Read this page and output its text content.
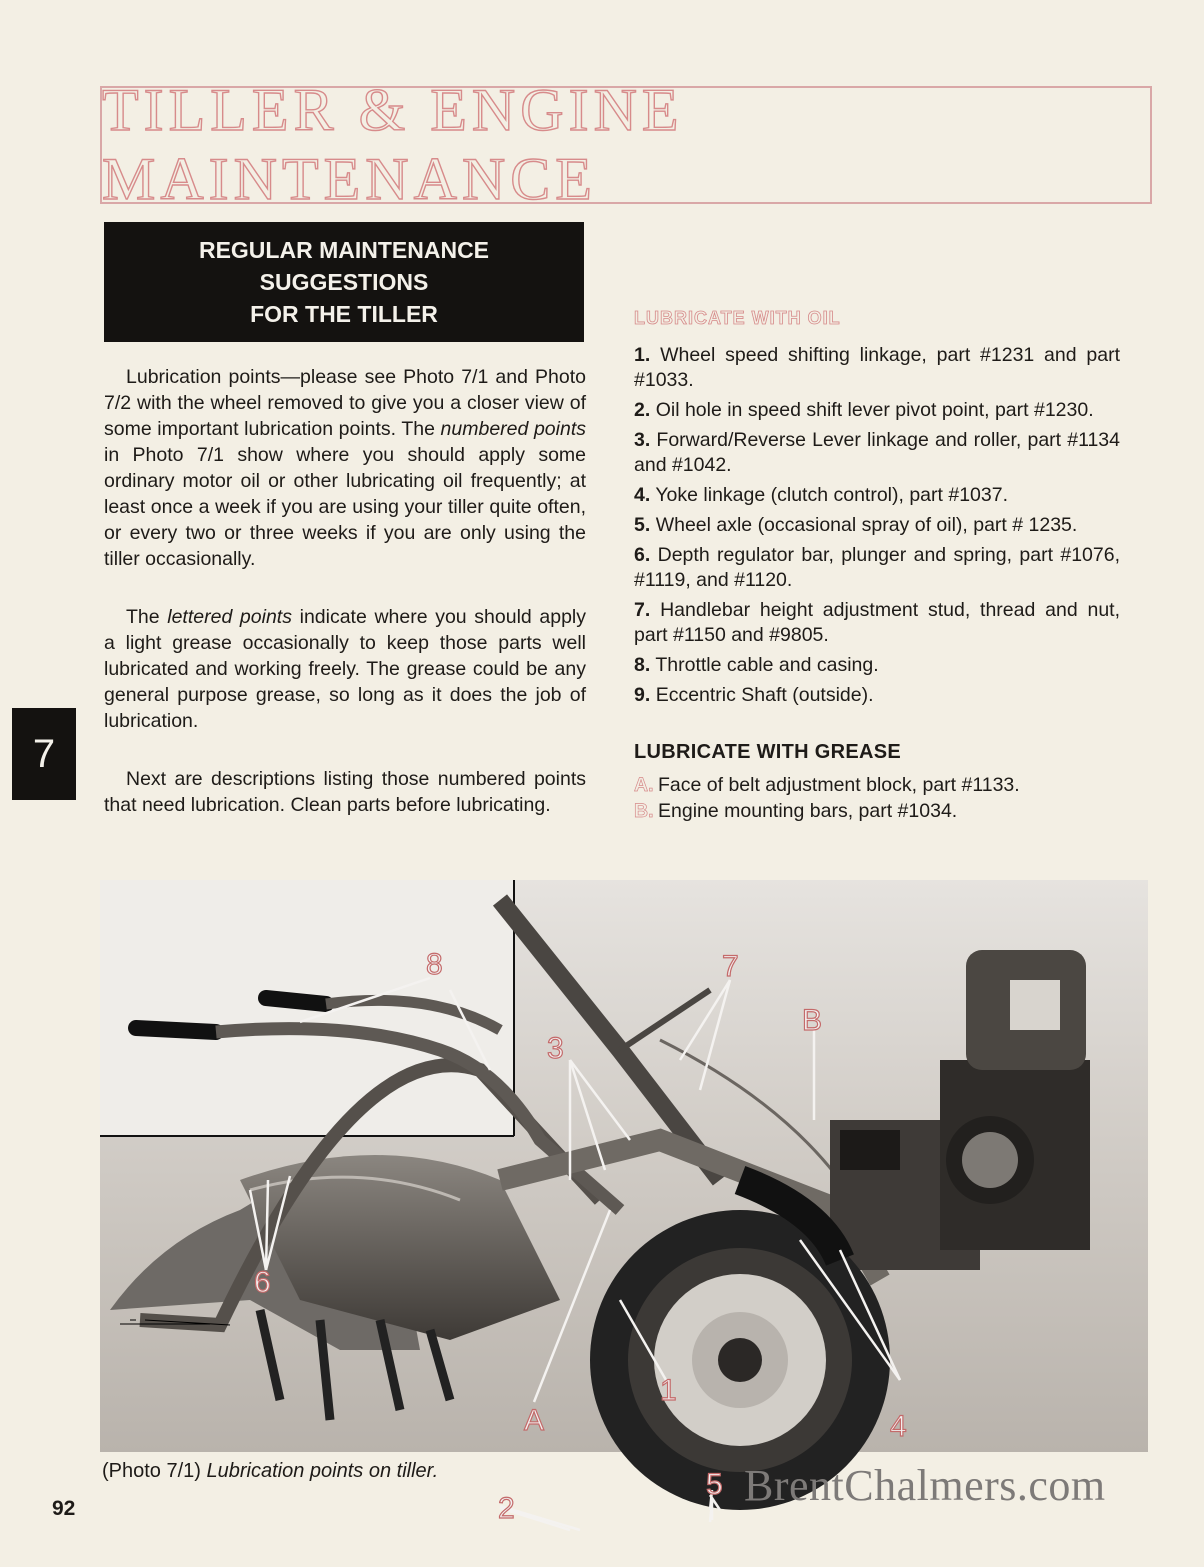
TILLER & ENGINE MAINTENANCE
REGULAR MAINTENANCE
SUGGESTIONS
FOR THE TILLER

Lubrication points—please see Photo 7/1 and Photo 7/2 with the wheel removed to give you a closer view of some important lubrication points. The numbered points in Photo 7/1 show where you should apply some ordinary motor oil or other lubricating oil frequently; at least once a week if you are using your tiller quite often, or every two or three weeks if you are only using the tiller occasionally.

The lettered points indicate where you should apply a light grease occasionally to keep those parts well lubricated and working freely. The grease could be any general purpose grease, so long as it does the job of lubrication.

Next are descriptions listing those numbered points that need lubrication. Clean parts before lubricating.

7
LUBRICATE WITH OIL
1. Wheel speed shifting linkage, part #1231 and part #1033.
2. Oil hole in speed shift lever pivot point, part #1230.
3. Forward/Reverse Lever linkage and roller, part #1134 and #1042.
4. Yoke linkage (clutch control), part #1037.
5. Wheel axle (occasional spray of oil), part # 1235.
6. Depth regulator bar, plunger and spring, part #1076, #1119, and #1120.
7. Handlebar height adjustment stud, thread and nut, part #1150 and #9805.
8. Throttle cable and casing.
9. Eccentric Shaft (outside).
LUBRICATE WITH GREASE
A. Face of belt adjustment block, part #1133.
B. Engine mounting bars, part #1034.
8	7
B
3
5
2
6
1
A	4
(Photo 7/1) Lubrication points on tiller.
92	BrentChalmers.com
